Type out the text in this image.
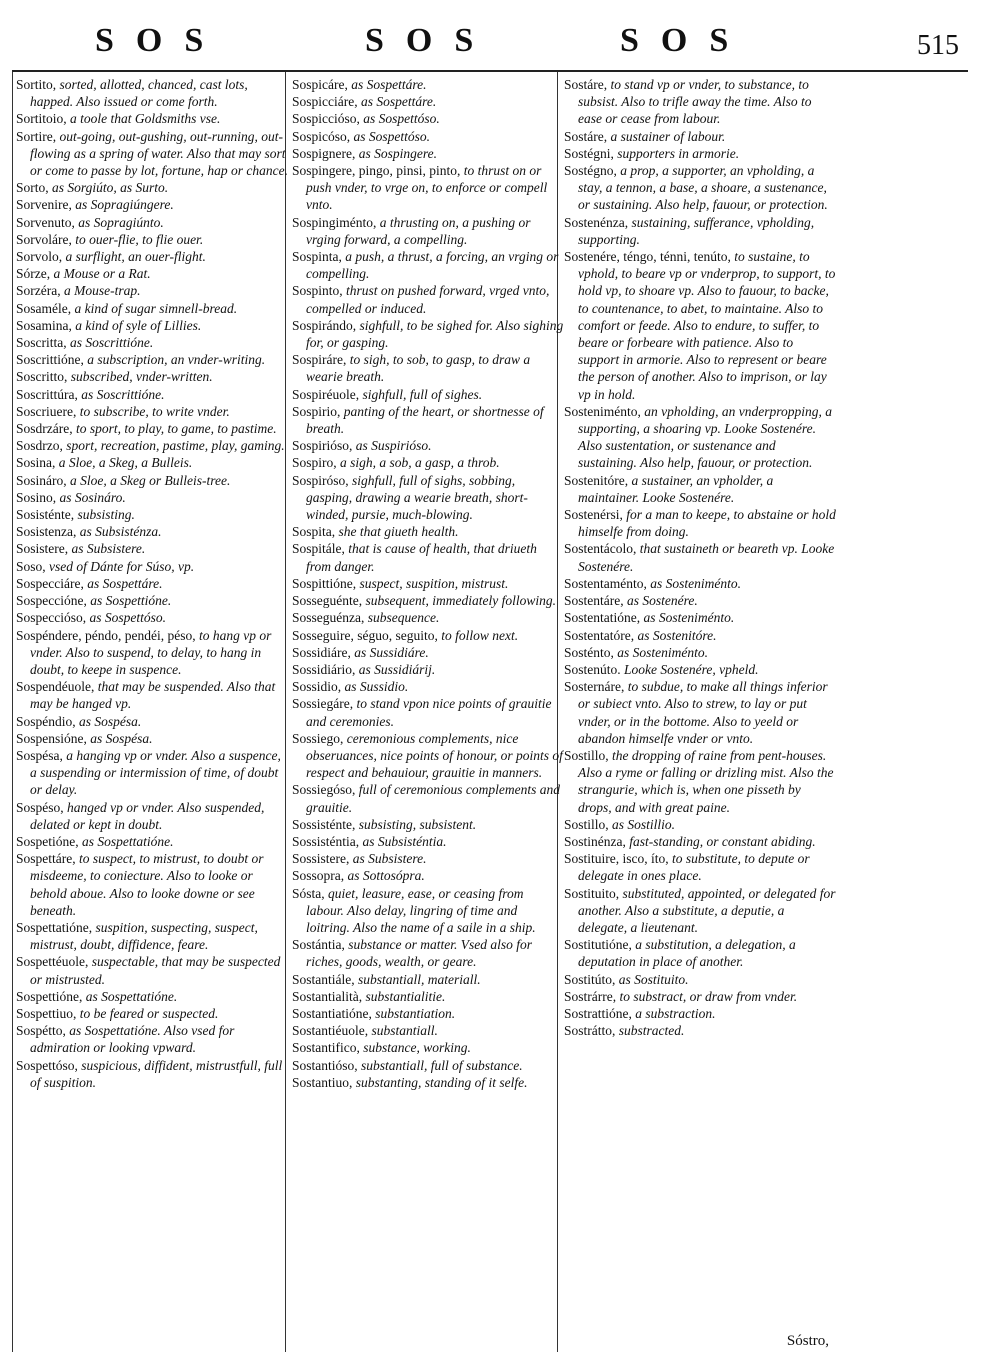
SOS	SOS	SOS	515

Sortito, sorted, allotted, chanced, cast lots, happed. Also issued or come forth.

Sortitoio, a toole that Goldsmiths vse.

Sortire, out-going, out-gushing, out-running, out-flowing as a spring of water. Also that may sort or come to passe by lot, fortune, hap or chance.

Sorto, as Sorgiúto, as Surto.

Sorvenire, as Sopragiúngere.

Sorvenuto, as Sopragiúnto.

Sorvoláre, to ouer-flie, to flie ouer.

Sorvolo, a surflight, an ouer-flight.

Sórze, a Mouse or a Rat.

Sorzéra, a Mouse-trap.

Sosaméle, a kind of sugar simnell-bread.

Sosamina, a kind of syle of Lillies.

Soscritta, as Soscrittióne.

Soscrittióne, a subscription, an vnder-writing.

Soscritto, subscribed, vnder-written.

Soscrittúra, as Soscrittióne.

Soscriuere, to subscribe, to write vnder.

Sosdrzáre, to sport, to play, to game, to pastime.

Sosdrzo, sport, recreation, pastime, play, gaming.

Sosina, a Sloe, a Skeg, a Bulleis.

Sosináro, a Sloe, a Skeg or Bulleis-tree.

Sosino, as Sosináro.

Sosisténte, subsisting.

Sosistenza, as Subsisténza.

Sosistere, as Subsistere.

Soso, vsed of Dánte for Súso, vp.

Sospecciáre, as Sospettáre.

Sospeccióne, as Sospettióne.

Sospeccióso, as Sospettóso.

Sospéndere, péndo, pendéi, péso, to hang vp or vnder. Also to suspend, to delay, to hang in doubt, to keepe in suspence.

Sospendéuole, that may be suspended. Also that may be hanged vp.

Sospéndio, as Sospésa.

Sospensióne, as Sospésa.

Sospésa, a hanging vp or vnder. Also a suspence, a suspending or intermission of time, of doubt or delay.

Sospéso, hanged vp or vnder. Also suspended, delated or kept in doubt.

Sospetióne, as Sospettatióne.

Sospettáre, to suspect, to mistrust, to doubt or misdeeme, to coniecture. Also to looke or behold aboue. Also to looke downe or see beneath.

Sospettatióne, suspition, suspecting, suspect, mistrust, doubt, diffidence, feare.

Sospettéuole, suspectable, that may be suspected or mistrusted.

Sospettióne, as Sospettatióne.

Sospettiuo, to be feared or suspected.

Sospétto, as Sospettatióne. Also vsed for admiration or looking vpward.

Sospettóso, suspicious, diffident, mistrustfull, full of suspition.

Sospicáre, as Sospettáre.

Sospicciáre, as Sospettáre.

Sospiccióso, as Sospettóso.

Sospicóso, as Sospettóso.

Sospignere, as Sospingere.

Sospingere, pingo, pinsi, pinto, to thrust on or push vnder, to vrge on, to enforce or compell vnto.

Sospingiménto, a thrusting on, a pushing or vrging forward, a compelling.

Sospinta, a push, a thrust, a forcing, an vrging or compelling.

Sospinto, thrust on pushed forward, vrged vnto, compelled or induced.

Sospirándo, sighfull, to be sighed for. Also sighing for, or gasping.

Sospiráre, to sigh, to sob, to gasp, to draw a wearie breath.

Sospiréuole, sighfull, full of sighes.

Sospirio, panting of the heart, or shortnesse of breath.

Sospirióso, as Suspirióso.

Sospiro, a sigh, a sob, a gasp, a throb.

Sospiróso, sighfull, full of sighs, sobbing, gasping, drawing a wearie breath, short-winded, pursie, much-blowing.

Sospita, she that giueth health.

Sospitále, that is cause of health, that driueth from danger.

Sospittióne, suspect, suspition, mistrust.

Sosseguénte, subsequent, immediately following.

Sosseguénza, subsequence.

Sosseguire, séguo, seguito, to follow next.

Sossidiáre, as Sussidiáre.

Sossidiário, as Sussidiárij.

Sossidio, as Sussidio.

Sossiegáre, to stand vpon nice points of grauitie and ceremonies.

Sossiego, ceremonious complements, nice obseruances, nice points of honour, or points of respect and behauiour, grauitie in manners.

Sossiegóso, full of ceremonious complements and grauitie.

Sossisténte, subsisting, subsistent.

Sossisténtia, as Subsisténtia.

Sossistere, as Subsistere.

Sossopra, as Sottosópra.

Sósta, quiet, leasure, ease, or ceasing from labour. Also delay, lingring of time and loitring. Also the name of a saile in a ship.

Sostántia, substance or matter. Vsed also for riches, goods, wealth, or geare.

Sostantiále, substantiall, materiall.

Sostantialità, substantialitie.

Sostantiatióne, substantiation.

Sostantiéuole, substantiall.

Sostantifico, substance, working.

Sostantióso, substantiall, full of substance.

Sostantiuo, substanting, standing of it selfe.

Sostáre, to stand vp or vnder, to substance, to subsist. Also to trifle away the time. Also to ease or cease from labour.

Sostáre, a sustainer of labour.

Sostégni, supporters in armorie.

Sostégno, a prop, a supporter, an vpholding, a stay, a tennon, a base, a shoare, a sustenance, or sustaining. Also help, fauour, or protection.

Sostenénza, sustaining, sufferance, vpholding, supporting.

Sostenére, téngo, ténni, tenúto, to sustaine, to vphold, to beare vp or vnderprop, to support, to hold vp, to shoare vp. Also to fauour, to backe, to countenance, to abet, to maintaine. Also to comfort or feede. Also to endure, to suffer, to beare or forbeare with patience. Also to support in armorie. Also to represent or beare the person of another. Also to imprison, or lay vp in hold.

Sosteniménto, an vpholding, an vnderpropping, a supporting, a shoaring vp. Looke Sostenére. Also sustentation, or sustenance and sustaining. Also help, fauour, or protection.

Sostenitóre, a sustainer, an vpholder, a maintainer. Looke Sostenére.

Sostenérsi, for a man to keepe, to abstaine or hold himselfe from doing.

Sostentácolo, that sustaineth or beareth vp. Looke Sostenére.

Sostentaménto, as Sosteniménto.

Sostentáre, as Sostenére.

Sostentatióne, as Sosteniménto.

Sostentatóre, as Sostenitóre.

Sosténto, as Sosteniménto.

Sostenúto. Looke Sostenére, vpheld.

Sosternáre, to subdue, to make all things inferior or subiect vnto. Also to strew, to lay or put vnder, or in the bottome. Also to yeeld or abandon himselfe vnder or vnto.

Sostillo, the dropping of raine from pent-houses. Also a ryme or falling or drizling mist. Also the strangurie, which is, when one pisseth by drops, and with great paine.

Sostillo, as Sostillio.

Sostinénza, fast-standing, or constant abiding.

Sostituire, isco, íto, to substitute, to depute or delegate in ones place.

Sostituito, substituted, appointed, or delegated for another. Also a substitute, a deputie, a delegate, a lieutenant.

Sostitutióne, a substitution, a delegation, a deputation in place of another.

Sostitúto, as Sostituito.

Sostrárre, to substract, or draw from vnder.

Sostrattióne, a substraction.

Sostrátto, substracted.

Sóstro,
